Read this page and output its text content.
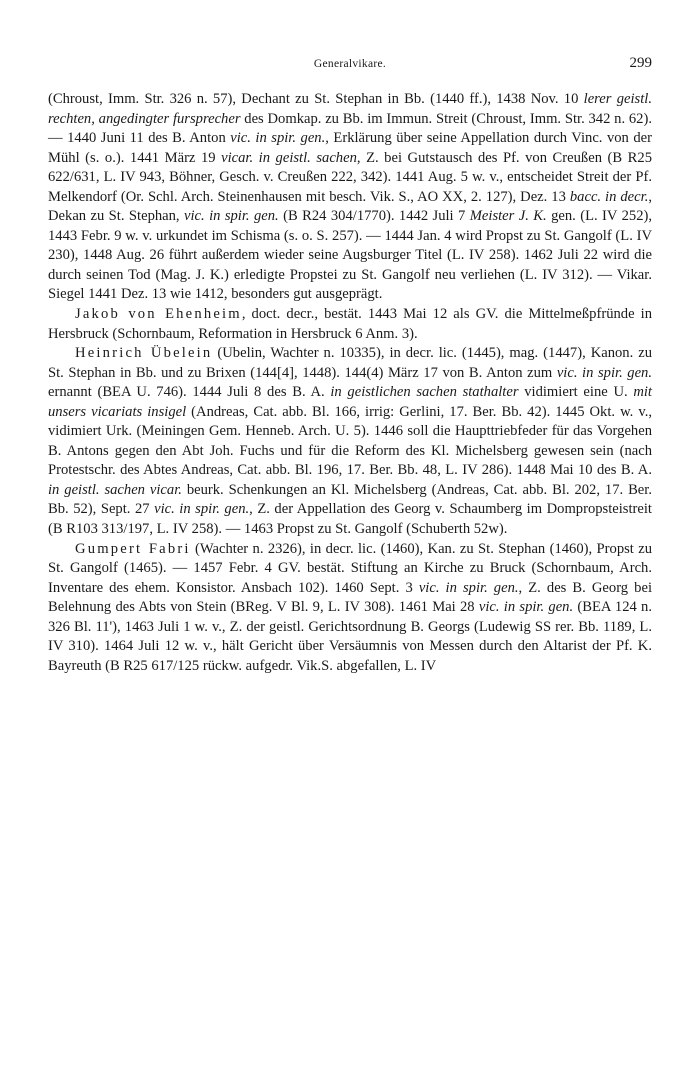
Generalvikare.	299

(Chroust, Imm. Str. 326 n. 57), Dechant zu St. Stephan in Bb. (1440 ff.), 1438 Nov. 10 lerer geistl. rechten, angedingter fursprecher des Domkap. zu Bb. im Immun. Streit (Chroust, Imm. Str. 342 n. 62). — 1440 Juni 11 des B. Anton vic. in spir. gen., Erklärung über seine Appellation durch Vinc. von der Mühl (s. o.). 1441 März 19 vicar. in geistl. sachen, Z. bei Gutstausch des Pf. von Creußen (B R25 622/631, L. IV 943, Böhner, Gesch. v. Creußen 222, 342). 1441 Aug. 5 w. v., entscheidet Streit der Pf. Melkendorf (Or. Schl. Arch. Steinenhausen mit besch. Vik. S., AO XX, 2. 127), Dez. 13 bacc. in decr., Dekan zu St. Stephan, vic. in spir. gen. (B R24 304/1770). 1442 Juli 7 Meister J. K. gen. (L. IV 252), 1443 Febr. 9 w. v. urkundet im Schisma (s. o. S. 257). — 1444 Jan. 4 wird Propst zu St. Gangolf (L. IV 230), 1448 Aug. 26 führt außerdem wieder seine Augsburger Titel (L. IV 258). 1462 Juli 22 wird die durch seinen Tod (Mag. J. K.) erledigte Propstei zu St. Gangolf neu verliehen (L. IV 312). — Vikar. Siegel 1441 Dez. 13 wie 1412, besonders gut ausgeprägt.

Jakob von Ehenheim, doct. decr., bestät. 1443 Mai 12 als GV. die Mittelmeßpfründe in Hersbruck (Schornbaum, Reformation in Hersbruck 6 Anm. 3).

Heinrich Übelein (Ubelin, Wachter n. 10335), in decr. lic. (1445), mag. (1447), Kanon. zu St. Stephan in Bb. und zu Brixen (144[4], 1448). 144(4) März 17 von B. Anton zum vic. in spir. gen. ernannt (BEA U. 746). 1444 Juli 8 des B. A. in geistlichen sachen stathalter vidimiert eine U. mit unsers vicariats insigel (Andreas, Cat. abb. Bl. 166, irrig: Gerlini, 17. Ber. Bb. 42). 1445 Okt. w. v., vidimiert Urk. (Meiningen Gem. Henneb. Arch. U. 5). 1446 soll die Haupttriebfeder für das Vorgehen B. Antons gegen den Abt Joh. Fuchs und für die Reform des Kl. Michelsberg gewesen sein (nach Protestschr. des Abtes Andreas, Cat. abb. Bl. 196, 17. Ber. Bb. 48, L. IV 286). 1448 Mai 10 des B. A. in geistl. sachen vicar. beurk. Schenkungen an Kl. Michelsberg (Andreas, Cat. abb. Bl. 202, 17. Ber. Bb. 52), Sept. 27 vic. in spir. gen., Z. der Appellation des Georg v. Schaumberg im Dompropsteistreit (B R103 313/197, L. IV 258). — 1463 Propst zu St. Gangolf (Schuberth 52w).

Gumpert Fabri (Wachter n. 2326), in decr. lic. (1460), Kan. zu St. Stephan (1460), Propst zu St. Gangolf (1465). — 1457 Febr. 4 GV. bestät. Stiftung an Kirche zu Bruck (Schornbaum, Arch. Inventare des ehem. Konsistor. Ansbach 102). 1460 Sept. 3 vic. in spir. gen., Z. des B. Georg bei Belehnung des Abts von Stein (BReg. V Bl. 9, L. IV 308). 1461 Mai 28 vic. in spir. gen. (BEA 124 n. 326 Bl. 11'), 1463 Juli 1 w. v., Z. der geistl. Gerichtsordnung B. Georgs (Ludewig SS rer. Bb. 1189, L. IV 310). 1464 Juli 12 w. v., hält Gericht über Versäumnis von Messen durch den Altarist der Pf. K. Bayreuth (B R25 617/125 rückw. aufgedr. Vik.S. abgefallen, L. IV
